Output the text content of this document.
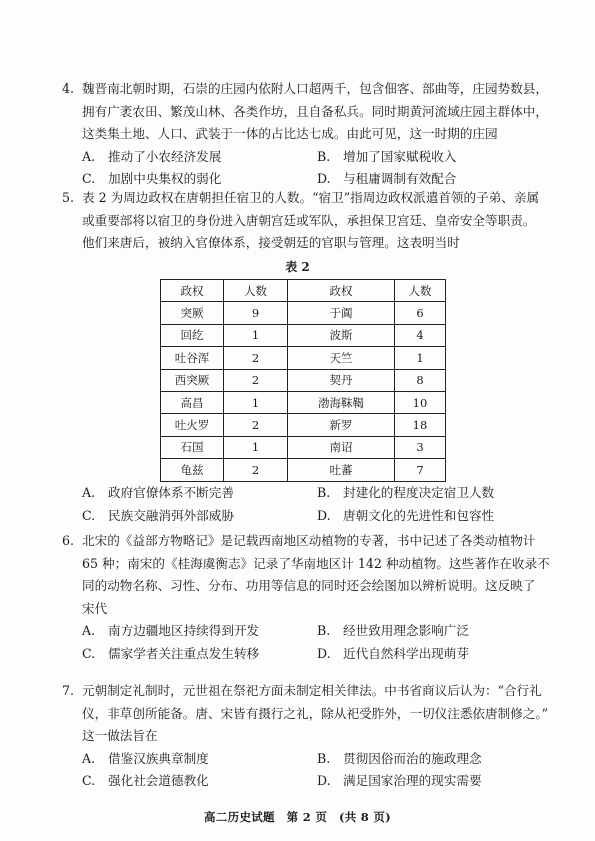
4. 魏晋南北朝时期，石崇的庄园内依附人口超两千，包含佃客、部曲等，庄园势数县，
拥有广袤农田、繁茂山林、各类作坊，且自备私兵。同时期黄河流域庄园主群体中，
这类集土地、人口、武装于一体的占比达七成。由此可见，这一时期的庄园
A. 推动了小农经济发展	B. 增加了国家赋税收入
C. 加剧中央集权的弱化	D. 与租庸调制有效配合
5. 表 2 为周边政权在唐朝担任宿卫的人数。“宿卫”指周边政权派遣首领的子弟、亲属
或重要部将以宿卫的身份进入唐朝宫廷或军队，承担保卫宫廷、皇帝安全等职责。
他们来唐后，被纳入官僚体系，接受朝廷的官职与管理。这表明当时
表 2
政权	人数	政权	人数
突厥	9	于阗	6
回纥	1	波斯	4
吐谷浑	2	天竺	1
西突厥	2	契丹	8
高昌	1	渤海靺鞨	10
吐火罗	2	新罗	18
石国	1	南诏	3
龟兹	2	吐蕃	7
A. 政府官僚体系不断完善	B. 封建化的程度决定宿卫人数
C. 民族交融消弭外部威胁	D. 唐朝文化的先进性和包容性
6. 北宋的《益部方物略记》是记载西南地区动植物的专著，书中记述了各类动植物计
65 种；南宋的《桂海虞衡志》记录了华南地区计 142 种动植物。这些著作在收录不
同的动物名称、习性、分布、功用等信息的同时还会绘图加以辨析说明。这反映了
宋代
A. 南方边疆地区持续得到开发	B. 经世致用理念影响广泛
C. 儒家学者关注重点发生转移	D. 近代自然科学出现萌芽
7. 元朝制定礼制时，元世祖在祭祀方面未制定相关律法。中书省商议后认为：“合行礼
仪，非草创所能备。唐、宋皆有摄行之礼，除从祀受胙外，一切仪注悉依唐制修之。”
这一做法旨在
A. 借鉴汉族典章制度	B. 贯彻因俗而治的施政理念
C. 强化社会道德教化	D. 满足国家治理的现实需要
高二历史试题　第 2 页　(共 8 页)
